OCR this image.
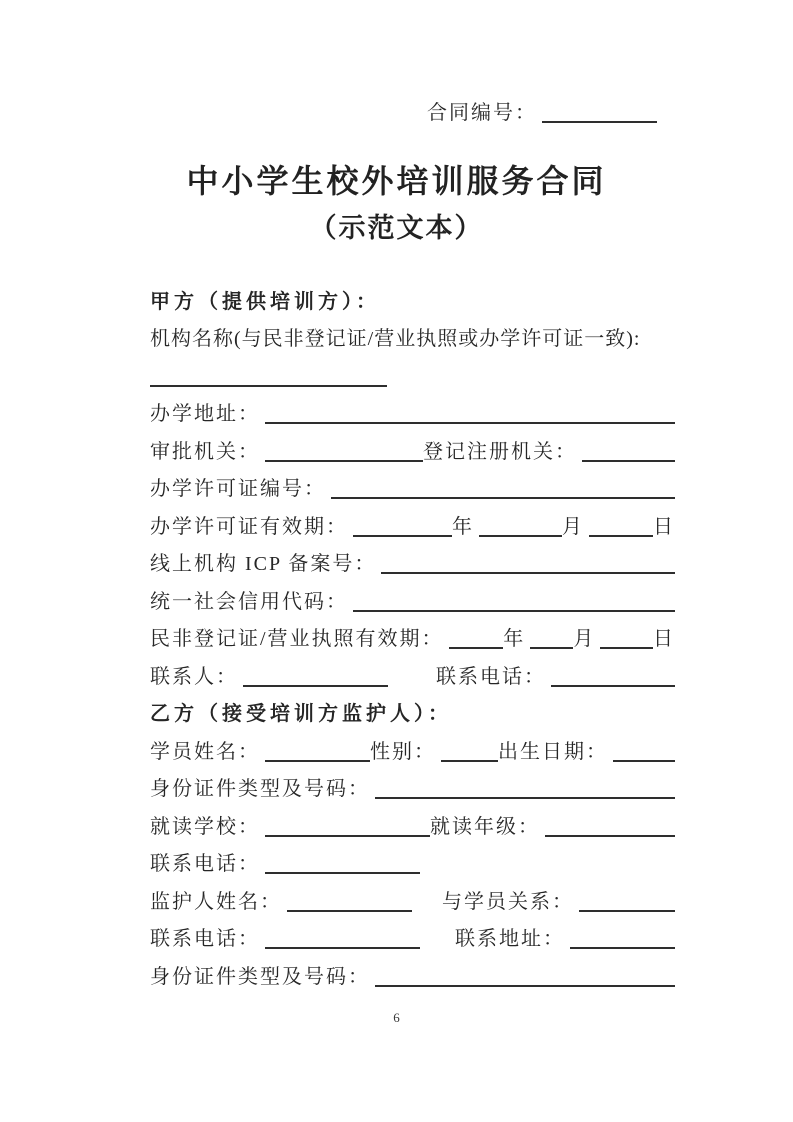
合同编号：
中小学生校外培训服务合同
（示范文本）
甲方（提供培训方）：
机构名称(与民非登记证/营业执照或办学许可证一致):
办学地址：
审批机关：	登记注册机关：
办学许可证编号：
办学许可证有效期：	年	月	日
线上机构 ICP 备案号：
统一社会信用代码：
民非登记证/营业执照有效期：	年 月	日
联系人：	联系电话：
乙方（接受培训方监护人）：
学员姓名：	性别：	出生日期：
身份证件类型及号码：
就读学校：	就读年级：
联系电话：
监护人姓名：	与学员关系：
联系电话：	联系地址：
身份证件类型及号码：
6
